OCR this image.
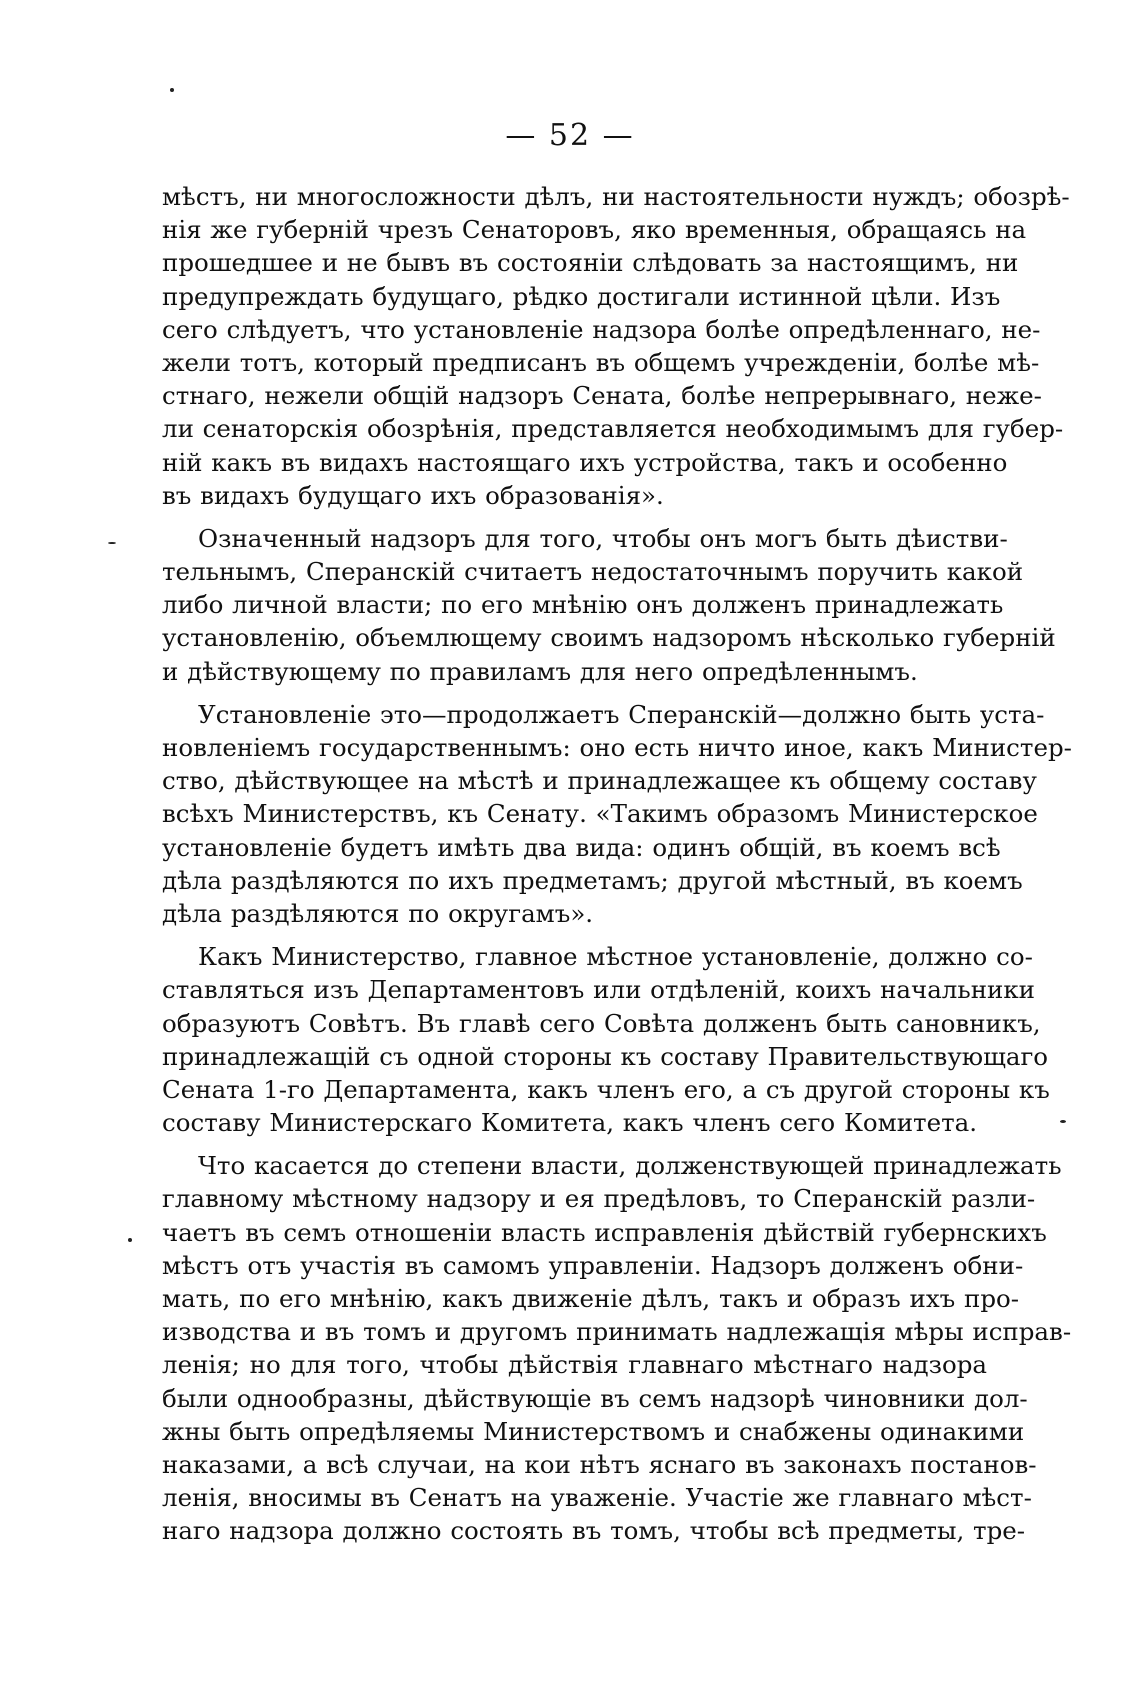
— 52 —
мѣстъ, ни многосложности дѣлъ, ни настоятельности нуждъ; обозрѣ-
нія же губерній чрезъ Сенаторовъ, яко временныя, обращаясь на
прошедшее и не бывъ въ состояніи слѣдовать за настоящимъ, ни
предупреждать будущаго, рѣдко достигали истинной цѣли. Изъ
сего слѣдуетъ, что установленіе надзора болѣе опредѣленнаго, не-
жели тотъ, который предписанъ въ общемъ учрежденіи, болѣе мѣ-
стнаго, нежели общій надзоръ Сената, болѣе непрерывнаго, неже-
ли сенаторскія обозрѣнія, представляется необходимымъ для губер-
ній какъ въ видахъ настоящаго ихъ устройства, такъ и особенно
въ видахъ будущаго ихъ образованія».
Означенный надзоръ для того, чтобы онъ могъ быть дѣистви-
тельнымъ, Сперанскій считаетъ недостаточнымъ поручить какой
либо личной власти; по его мнѣнію онъ долженъ принадлежать
установленію, объемлющему своимъ надзоромъ нѣсколько губерній
и дѣйствующему по правиламъ для него опредѣленнымъ.
Установленіе это—продолжаетъ Сперанскій—должно быть уста-
новленіемъ государственнымъ: оно есть ничто иное, какъ Министер-
ство, дѣйствующее на мѣстѣ и принадлежащее къ общему составу
всѣхъ Министерствъ, къ Сенату. «Такимъ образомъ Министерское
установленіе будетъ имѣть два вида: одинъ общій, въ коемъ всѣ
дѣла раздѣляются по ихъ предметамъ; другой мѣстный, въ коемъ
дѣла раздѣляются по округамъ».
Какъ Министерство, главное мѣстное установленіе, должно со-
ставляться изъ Департаментовъ или отдѣленій, коихъ начальники
образуютъ Совѣтъ. Въ главѣ сего Совѣта долженъ быть сановникъ,
принадлежащій съ одной стороны къ составу Правительствующаго
Сената 1-го Департамента, какъ членъ его, а съ другой стороны къ
составу Министерскаго Комитета, какъ членъ сего Комитета.
Что касается до степени власти, долженствующей принадлежать
главному мѣстному надзору и ея предѣловъ, то Сперанскій разли-
чаетъ въ семъ отношеніи власть исправленія дѣйствій губернскихъ
мѣстъ отъ участія въ самомъ управленіи. Надзоръ долженъ обни-
мать, по его мнѣнію, какъ движеніе дѣлъ, такъ и образъ ихъ про-
изводства и въ томъ и другомъ принимать надлежащія мѣры исправ-
ленія; но для того, чтобы дѣйствія главнаго мѣстнаго надзора
были однообразны, дѣйствующіе въ семъ надзорѣ чиновники дол-
жны быть опредѣляемы Министерствомъ и снабжены одинакими
наказами, а всѣ случаи, на кои нѣтъ яснаго въ законахъ постанов-
ленія, вносимы въ Сенатъ на уваженіе. Участіе же главнаго мѣст-
наго надзора должно состоять въ томъ, чтобы всѣ предметы, тре-
